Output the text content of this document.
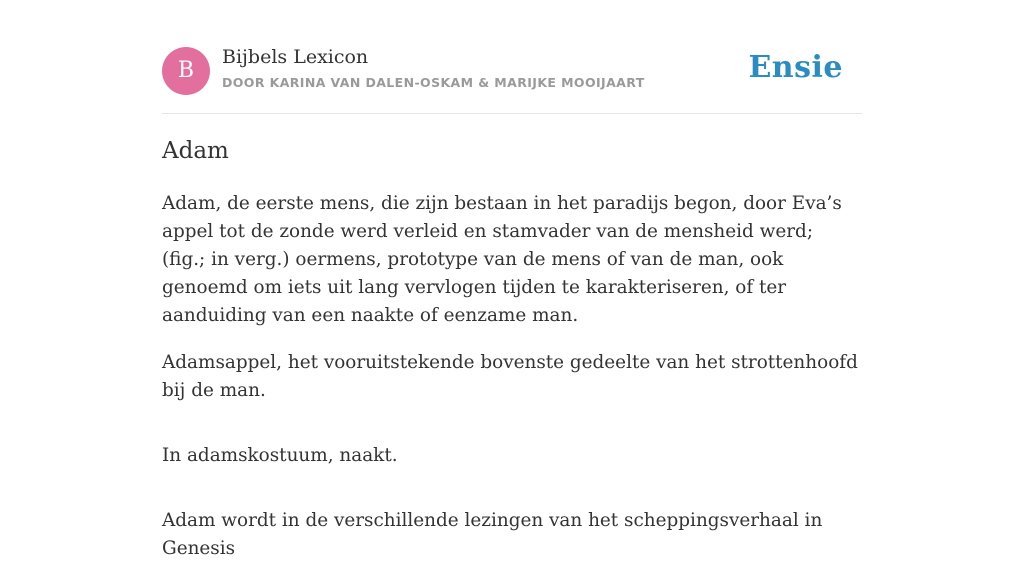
B
Bijbels Lexicon
DOOR KARINA VAN DALEN-OSKAM & MARIJKE MOOIJAART	Ensie
Adam

Adam, de eerste mens, die zijn bestaan in het paradijs begon, door Eva’s appel tot de zonde werd verleid en stamvader van de mensheid werd; (fig.; in verg.) oermens, prototype van de mens of van de man, ook genoemd om iets uit lang vervlogen tijden te karakteriseren, of ter aanduiding van een naakte of eenzame man.

Adamsappel, het vooruitstekende bovenste gedeelte van het strottenhoofd bij de man.

In adamskostuum, naakt.

Adam wordt in de verschillende lezingen van het scheppingsverhaal in Genesis
